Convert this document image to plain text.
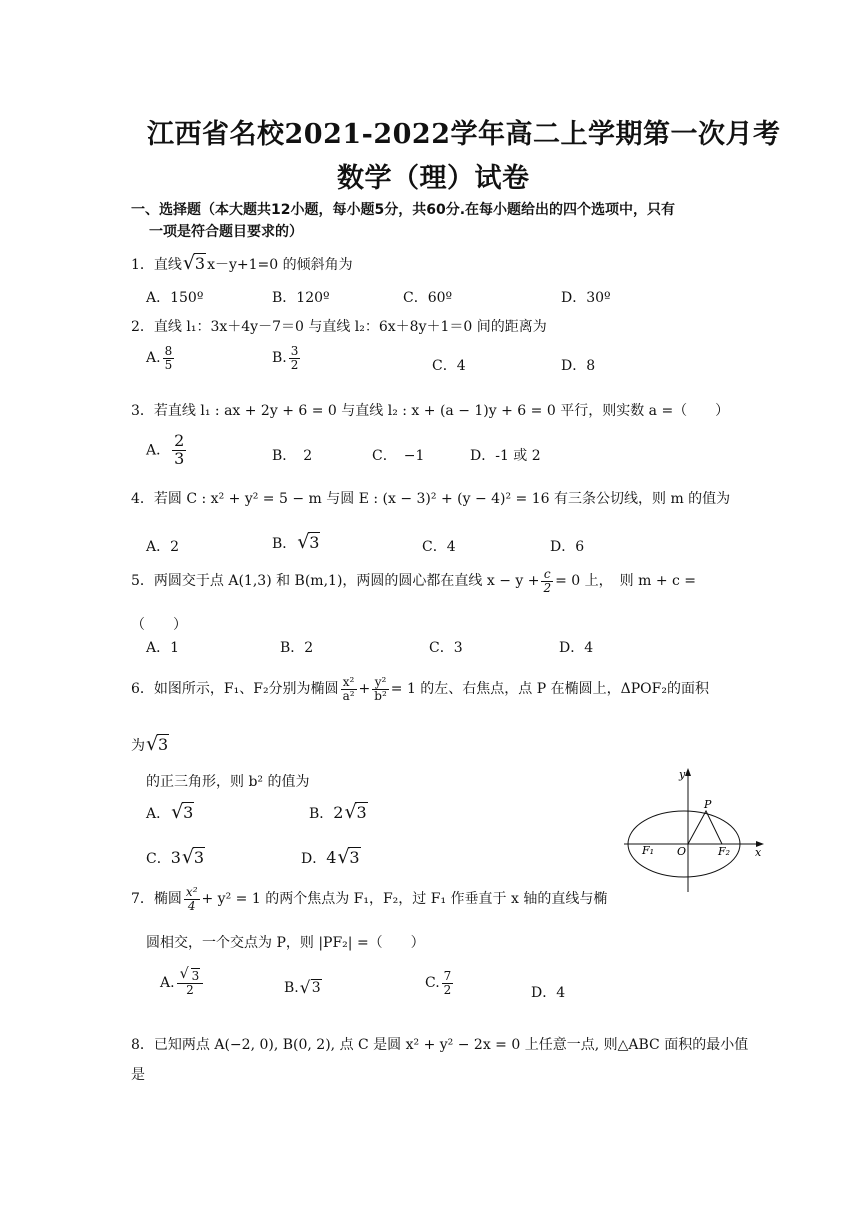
江西省名校2021-2022学年高二上学期第一次月考
数学（理）试卷
一、选择题（本大题共12小题，每小题5分，共60分.在每小题给出的四个选项中，只有
一项是符合题目要求的）
1．直线 √ 3 x－y+1=0 的倾斜角为
A．150º	B．120º	C．60º	D．30º
2．直线 l₁：3x＋4y－7＝0 与直线 l₂：6x＋8y＋1＝0 间的距离为
A. $\frac{8}{5}$	B. $\frac{3}{2}$	C．4	D．8
3．若直线 l₁ : ax + 2y + 6 = 0 与直线 l₂ : x + (a − 1)y + 6 = 0 平行，则实数 a =（　　）
A． $\frac{2}{3}$	B．　2	C．　−1	D．-1 或 2
4．若圆 C : x² + y² = 5 − m 与圆 E : (x − 3)² + (y − 4)² = 16 有三条公切线，则 m 的值为
A．2	B． √ 3	C．4	D．6
5．两圆交于点 A(1,3) 和 B(m,1)，两圆的圆心都在直线 $x - y + \frac{c}{2} = 0$ 上，　则 m + c =
（　　）
A．1	B．2	C．3	D．4
6．如图所示，F₁、F₂分别为椭圆 $\frac{\text{x²}}{\text{a²}} + \frac{\text{y²}}{\text{b²}} = 1$ 的左、右焦点，点 P 在椭圆上，ΔPOF₂的面积
为 √ 3
的正三角形，则 b² 的值为
A． √ 3	B．2 √ 3
C．3 √ 3	D．4 √ 3
y
x
P
O
F₁	F₂
7．椭圆 $\frac{\text{x²}}{4} + y^2 = 1$ 的两个焦点为 F₁，F₂，过 F₁ 作垂直于 x 轴的直线与椭
圆相交，一个交点为 P，则 |PF₂| =（　　）
A. √ $\frac{3}{2}$	B. √ 3	C. $\frac{7}{2}$	D．4
8．已知两点 A(−2, 0), B(0, 2), 点 C 是圆 x² + y² − 2x = 0 上任意一点, 则△ABC 面积的最小值
是
